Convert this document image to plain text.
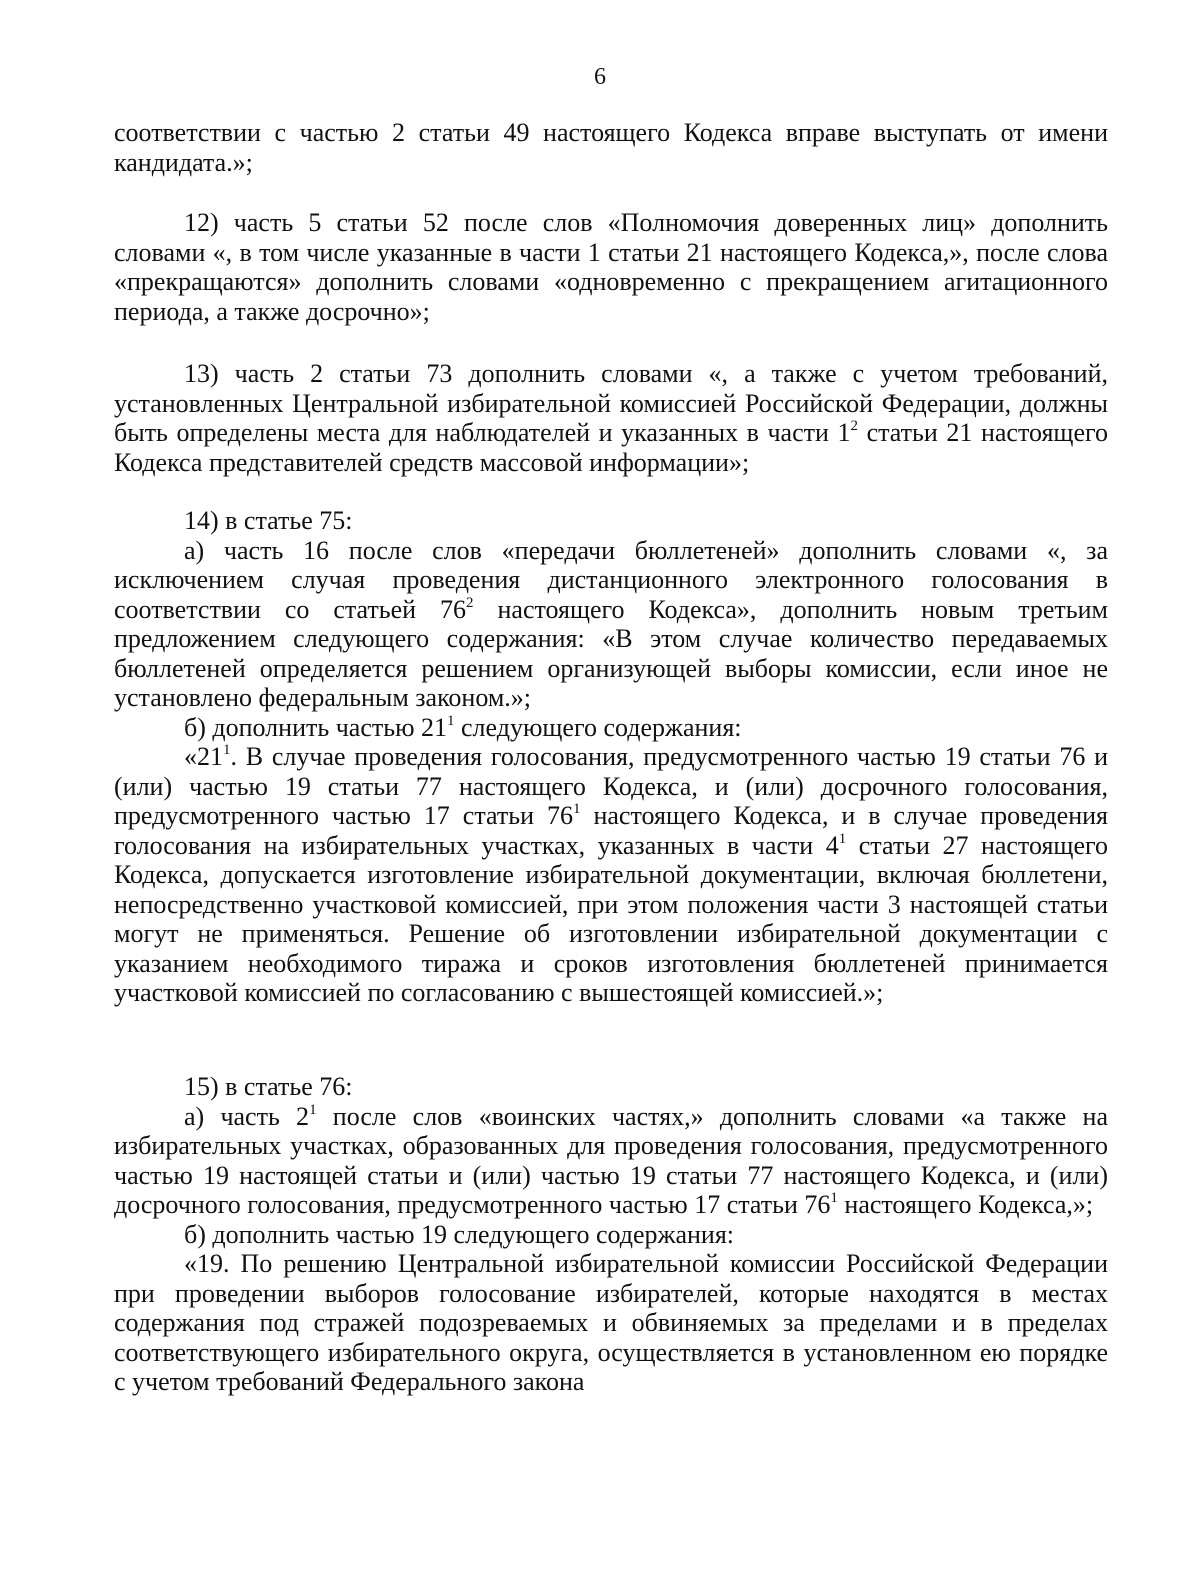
6

соответствии с частью 2 статьи 49 настоящего Кодекса вправе выступать от имени кандидата.»;

12) часть 5 статьи 52 после слов «Полномочия доверенных лиц» дополнить словами «, в том числе указанные в части 1 статьи 21 настоящего Кодекса,», после слова «прекращаются» дополнить словами «одновременно с прекращением агитационного периода, а также досрочно»;

13) часть 2 статьи 73 дополнить словами «, а также с учетом требований, установленных Центральной избирательной комиссией Российской Федерации, должны быть определены места для наблюдателей и указанных в части $1^2$ статьи 21 настоящего Кодекса представителей средств массовой информации»;

14) в статье 75:

а) часть 16 после слов «передачи бюллетеней» дополнить словами «, за исключением случая проведения дистанционного электронного голосования в соответствии со статьей $76^2$ настоящего Кодекса», дополнить новым третьим предложением следующего содержания: «В этом случае количество передаваемых бюллетеней определяется решением организующей выборы комиссии, если иное не установлено федеральным законом.»;

б) дополнить частью $21^1$ следующего содержания:

«$21^1$. В случае проведения голосования, предусмотренного частью 19 статьи 76 и (или) частью 19 статьи 77 настоящего Кодекса, и (или) досрочного голосования, предусмотренного частью 17 статьи $76^1$ настоящего Кодекса, и в случае проведения голосования на избирательных участках, указанных в части $4^1$ статьи 27 настоящего Кодекса, допускается изготовление избирательной документации, включая бюллетени, непосредственно участковой комиссией, при этом положения части 3 настоящей статьи могут не применяться. Решение об изготовлении избирательной документации с указанием необходимого тиража и сроков изготовления бюллетеней принимается участковой комиссией по согласованию с вышестоящей комиссией.»;

15) в статье 76:

а) часть $2^1$ после слов «воинских частях,» дополнить словами «а также на избирательных участках, образованных для проведения голосования, предусмотренного частью 19 настоящей статьи и (или) частью 19 статьи 77 настоящего Кодекса, и (или) досрочного голосования, предусмотренного частью 17 статьи $76^1$ настоящего Кодекса,»;

б) дополнить частью 19 следующего содержания:

«19. По решению Центральной избирательной комиссии Российской Федерации при проведении выборов голосование избирателей, которые находятся в местах содержания под стражей подозреваемых и обвиняемых за пределами и в пределах соответствующего избирательного округа, осуществляется в установленном ею порядке с учетом требований Федерального закона
